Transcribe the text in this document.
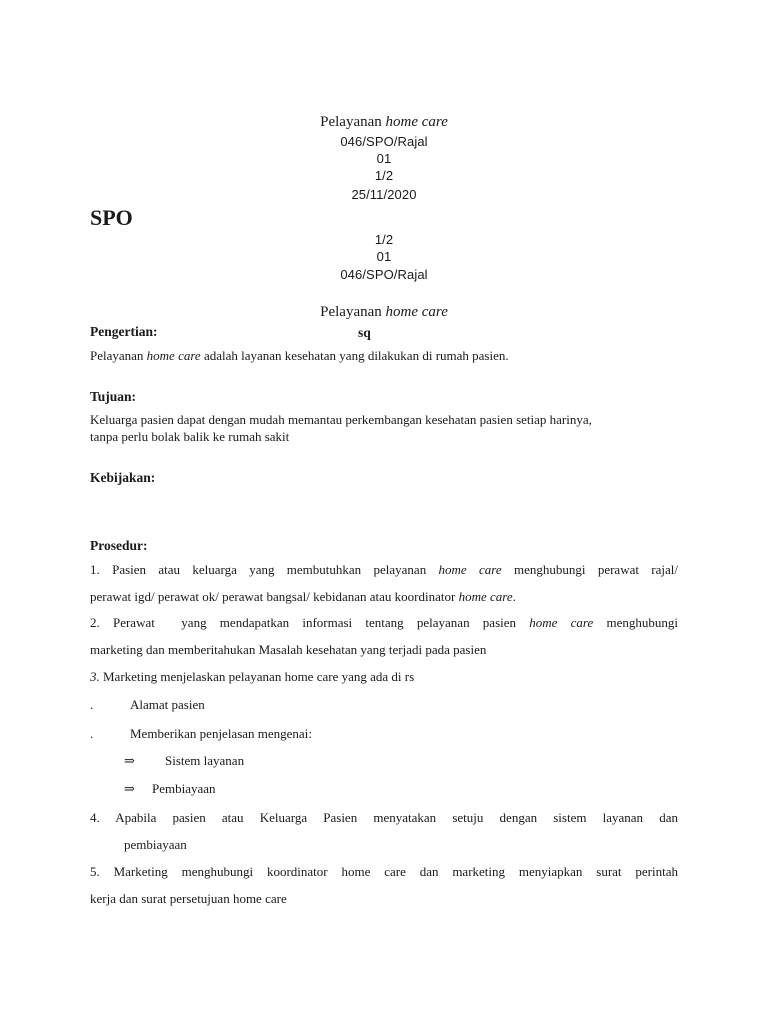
Pelayanan home care
046/SPO/Rajal
01
1/2
25/11/2020
SPO
1/2
01
046/SPO/Rajal
Pelayanan home care
Pengertian:	sq
Pelayanan home care adalah layanan kesehatan yang dilakukan di rumah pasien.
Tujuan:
Keluarga pasien dapat dengan mudah memantau perkembangan kesehatan pasien setiap harinya,
tanpa perlu bolak balik ke rumah sakit
Kebijakan:
Prosedur:
1. Pasien atau keluarga yang membutuhkan pelayanan home care menghubungi perawat rajal/
perawat igd/ perawat ok/ perawat bangsal/ kebidanan atau koordinator home care.
2. Perawat  yang mendapatkan informasi tentang pelayanan pasien home care menghubungi
marketing dan memberitahukan Masalah kesehatan yang terjadi pada pasien
3. Marketing menjelaskan pelayanan home care yang ada di rs
.	Alamat pasien
.	Memberikan penjelasan mengenai:
⇒ Sistem layanan
⇒ Pembiayaan
4. Apabila pasien atau Keluarga Pasien menyatakan setuju dengan sistem layanan dan
pembiayaan
5. Marketing menghubungi koordinator home care dan marketing menyiapkan surat perintah
kerja dan surat persetujuan home care
